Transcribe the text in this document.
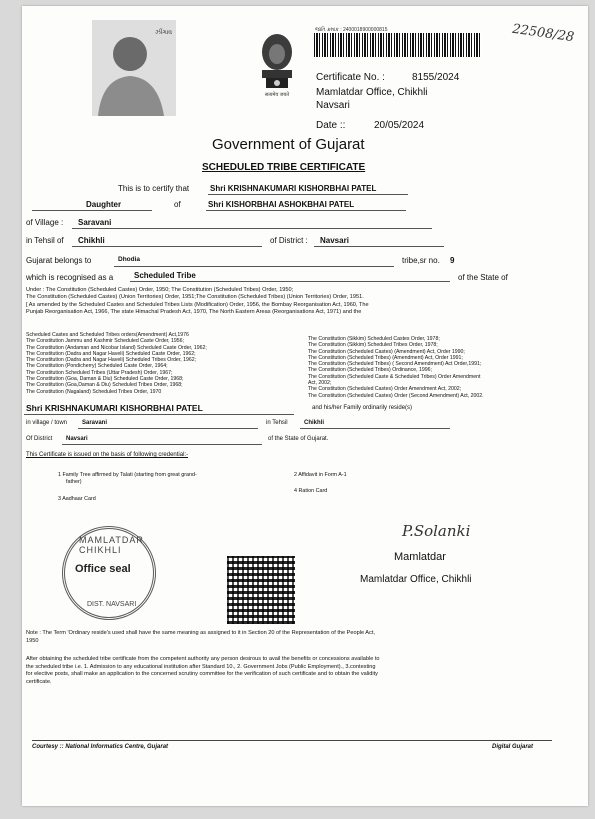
ઝીંગાવ
सत्यमेव जयते
જાતિ ક્રમાંક : 2400018900000815	22508/28
Certificate No. :	8155/2024
Mamlatdar Office, Chikhli
Navsari
Date ::	20/05/2024
Government of Gujarat
SCHEDULED TRIBE CERTIFICATE
This is to certify that	Shri KRISHNAKUMARI KISHORBHAI PATEL
Daughter	of	Shri KISHORBHAI ASHOKBHAI PATEL
of Village : Saravani
in Tehsil of Chikhli	of District : Navsari
Gujarat belongs to	Dhodia	tribe,sr no. 9
which is recognised as a	Scheduled Tribe	of the State of
Under : The Constitution (Scheduled Castes) Order, 1950; The Constitution (Scheduled Tribes) Order, 1950;
The Constitution (Scheduled Castes) (Union Territories) Order, 1951;The Constitution (Scheduled Tribes) (Union Territories) Order, 1951.
[ As amended by the Scheduled Castes and Scheduled Tribes Lists (Modification) Order, 1956, the Bombay Reorganisation Act, 1960, The
Punjab Reorganisation Act, 1966, The state Himachal Pradesh Act, 1970, The North Eastern Areas (Reorganisations Act, 1971) and the
Scheduled Castes and Scheduled Tribes orders(Amendment) Act,1976
The Constitution Jammu and Kashmir Scheduled Caste Order, 1956;
The Constitution (Andaman and Nicobar Island) Scheduled Caste Order, 1962;
The Constitution (Dadra and Nagar Haveli) Scheduled Caste Order, 1962;
The Constitution (Dadra and Nagar Haveli) Scheduled Tribes Order, 1962;
The Constitution (Pondicherry) Scheduled Caste Order, 1964;
The Constitution Scheduled Tribes (Uttar Pradesh) Order, 1967;
The Constitution (Goa, Daman & Diu) Scheduled Caste Order, 1968;
The Constitution (Goa,Daman & Diu) Scheduled Tribes Order, 1968;
The Constitution (Nagaland) Scheduled Tribes Order, 1970
The Constitution (Sikkim) Scheduled Castes Order, 1978;
The Constitution (Sikkim) Scheduled Tribes Order, 1978;
The Constitution (Scheduled Castes) (Amendment) Act, Order 1990;
The Constitution (Scheduled Tribes) (Amendment) Act, Order 1991;
The Constitution (Scheduled Tribes) ( Second Amendment) Act Order,1991;
The Constitution (Scheduled Tribes) Ordinance, 1996;
The Constitution (Scheduled Caste & Scheduled Tribes) Order Amendment
Act, 2002;
The Constitution (Scheduled Castes) Order Amendment Act, 2002;
The Constitution (Scheduled Castes) Order (Second Amendment) Act, 2002.
Shri KRISHNAKUMARI KISHORBHAI PATEL	and his/her Family ordinarily reside(s)
in village / town Saravani	in Tehsil	Chikhli
Of District Navsari	of the State of Gujarat.
This Certificate is issued on the basis of following credential:-
1 Family Tree affirmed by Talati (starting from great grand-
father)
3 Aadhaar Card
2 Affidavit in Form A-1
4 Ration Card
MAMLATDAR CHIKHLI
Office seal
DIST. NAVSARI
P.Solanki
Mamlatdar
Mamlatdar Office, Chikhli
Note : The Term 'Ordinary reside's used shall have the same meaning as assigned to it in Section 20 of the Representation of the People Act,
1950
After obtaining the scheduled tribe certificate from the competent authority any person desirous to avail the benefits or concessions available to
the scheduled tribe i.e. 1. Admission to any educational institution after Standard 10., 2. Government Jobs (Public Employment)., 3.contesting
for elective posts, shall make an application to the concerned scrutiny committee for the verification of such certificate and to obtain the validity
certificate.
Courtesy :: National Informatics Centre, Gujarat	Digital Gujarat
